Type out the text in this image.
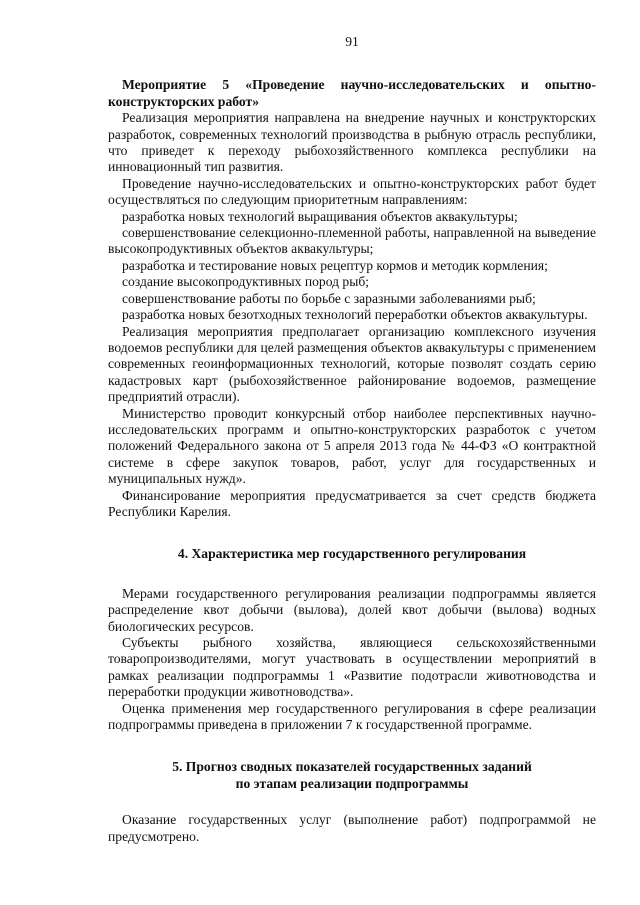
91

Мероприятие 5 «Проведение научно-исследовательских и опытно-конструкторских работ»

Реализация мероприятия направлена на внедрение научных и конструкторских разработок, современных технологий производства в рыбную отрасль республики, что приведет к переходу рыбохозяйственного комплекса республики на инновационный тип развития.

Проведение научно-исследовательских и опытно-конструкторских работ будет осуществляться по следующим приоритетным направлениям:

разработка новых технологий выращивания объектов аквакультуры;

совершенствование селекционно-племенной работы, направленной на выведение высокопродуктивных объектов аквакультуры;

разработка и тестирование новых рецептур кормов и методик кормления;

создание высокопродуктивных пород рыб;

совершенствование работы по борьбе с заразными заболеваниями рыб;

разработка новых безотходных технологий переработки объектов аквакультуры.

Реализация мероприятия предполагает организацию комплексного изучения водоемов республики для целей размещения объектов аквакультуры с применением современных геоинформационных технологий, которые позволят создать серию кадастровых карт (рыбохозяйственное районирование водоемов, размещение предприятий отрасли).

Министерство проводит конкурсный отбор наиболее перспективных научно-исследовательских программ и опытно-конструкторских разработок с учетом положений Федерального закона от 5 апреля 2013 года № 44-ФЗ «О контрактной системе в сфере закупок товаров, работ, услуг для государственных и муниципальных нужд».

Финансирование мероприятия предусматривается за счет средств бюджета Республики Карелия.

4. Характеристика мер государственного регулирования

Мерами государственного регулирования реализации подпрограммы является распределение квот добычи (вылова), долей квот добычи (вылова) водных биологических ресурсов.

Субъекты рыбного хозяйства, являющиеся сельскохозяйственными товаропроизводителями, могут участвовать в осуществлении мероприятий в рамках реализации подпрограммы 1 «Развитие подотрасли животноводства и переработки продукции животноводства».

Оценка применения мер государственного регулирования в сфере реализации подпрограммы приведена в приложении 7 к государственной программе.

5. Прогноз сводных показателей государственных заданий

по этапам реализации подпрограммы

Оказание государственных услуг (выполнение работ) подпрограммой не предусмотрено.
